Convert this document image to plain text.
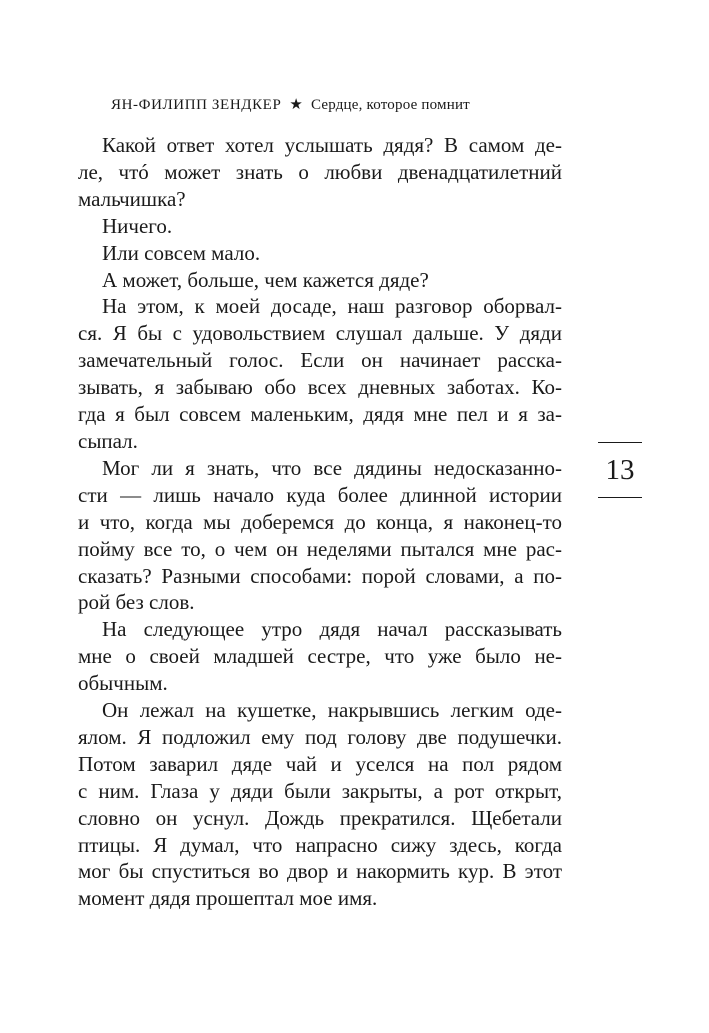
ЯН-ФИЛИПП ЗЕНДКЕР ★ Сердце, которое помнит
Какой ответ хотел услышать дядя? В самом де-
ле, чтó может знать о любви двенадцатилетний
мальчишка?
Ничего.
Или совсем мало.
А может, больше, чем кажется дяде?
На этом, к моей досаде, наш разговор оборвал-
ся. Я бы с удовольствием слушал дальше. У дяди
замечательный голос. Если он начинает расска-
зывать, я забываю обо всех дневных заботах. Ко-
гда я был совсем маленьким, дядя мне пел и я за-
сыпал.
Мог ли я знать, что все дядины недосказанно-
сти — лишь начало куда более длинной истории
и что, когда мы доберемся до конца, я наконец-то
пойму все то, о чем он неделями пытался мне рас-
сказать? Разными способами: порой словами, а по-
рой без слов.
На следующее утро дядя начал рассказывать
мне о своей младшей сестре, что уже было не-
обычным.
Он лежал на кушетке, накрывшись легким оде-
ялом. Я подложил ему под голову две подушечки.
Потом заварил дяде чай и уселся на пол рядом
с ним. Глаза у дяди были закрыты, а рот открыт,
словно он уснул. Дождь прекратился. Щебетали
птицы. Я думал, что напрасно сижу здесь, когда
мог бы спуститься во двор и накормить кур. В этот
момент дядя прошептал мое имя.
13
